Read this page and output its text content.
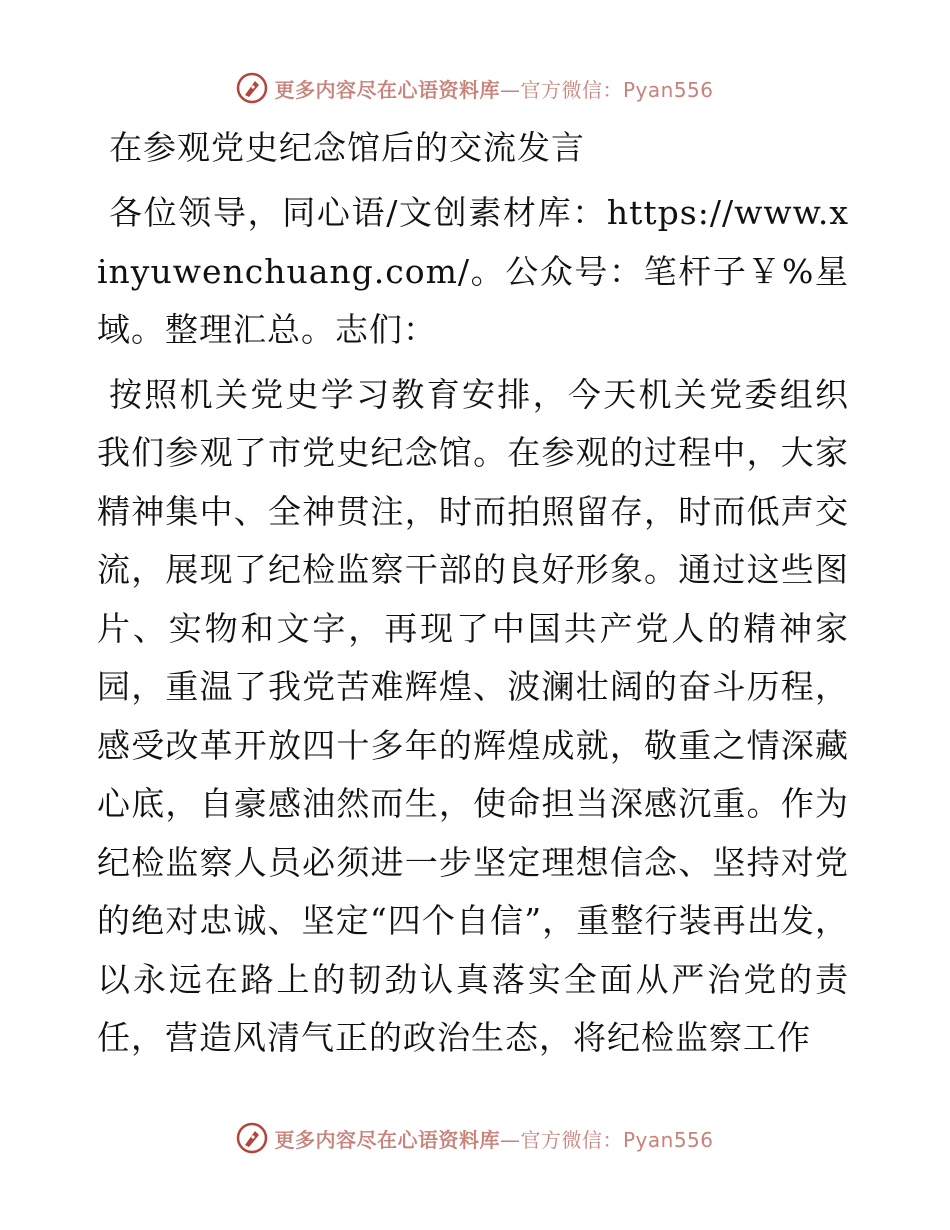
更多内容尽在心语资料库—官方微信：Pyan556
在参观党史纪念馆后的交流发言

各位领导，同心语/文创素材库：https://www.xinyuwenchuang.com/。公众号：笔杆子￥%星域。整理汇总。志们：

按照机关党史学习教育安排，今天机关党委组织我们参观了市党史纪念馆。在参观的过程中，大家精神集中、全神贯注，时而拍照留存，时而低声交流，展现了纪检监察干部的良好形象。通过这些图片、实物和文字，再现了中国共产党人的精神家园，重温了我党苦难辉煌、波澜壮阔的奋斗历程，感受改革开放四十多年的辉煌成就，敬重之情深藏心底，自豪感油然而生，使命担当深感沉重。作为纪检监察人员必须进一步坚定理想信念、坚持对党的绝对忠诚、坚定“四个自信”，重整行装再出发，以永远在路上的韧劲认真落实全面从严治党的责任，营造风清气正的政治生态，将纪检监察工作

更多内容尽在心语资料库—官方微信：Pyan556
